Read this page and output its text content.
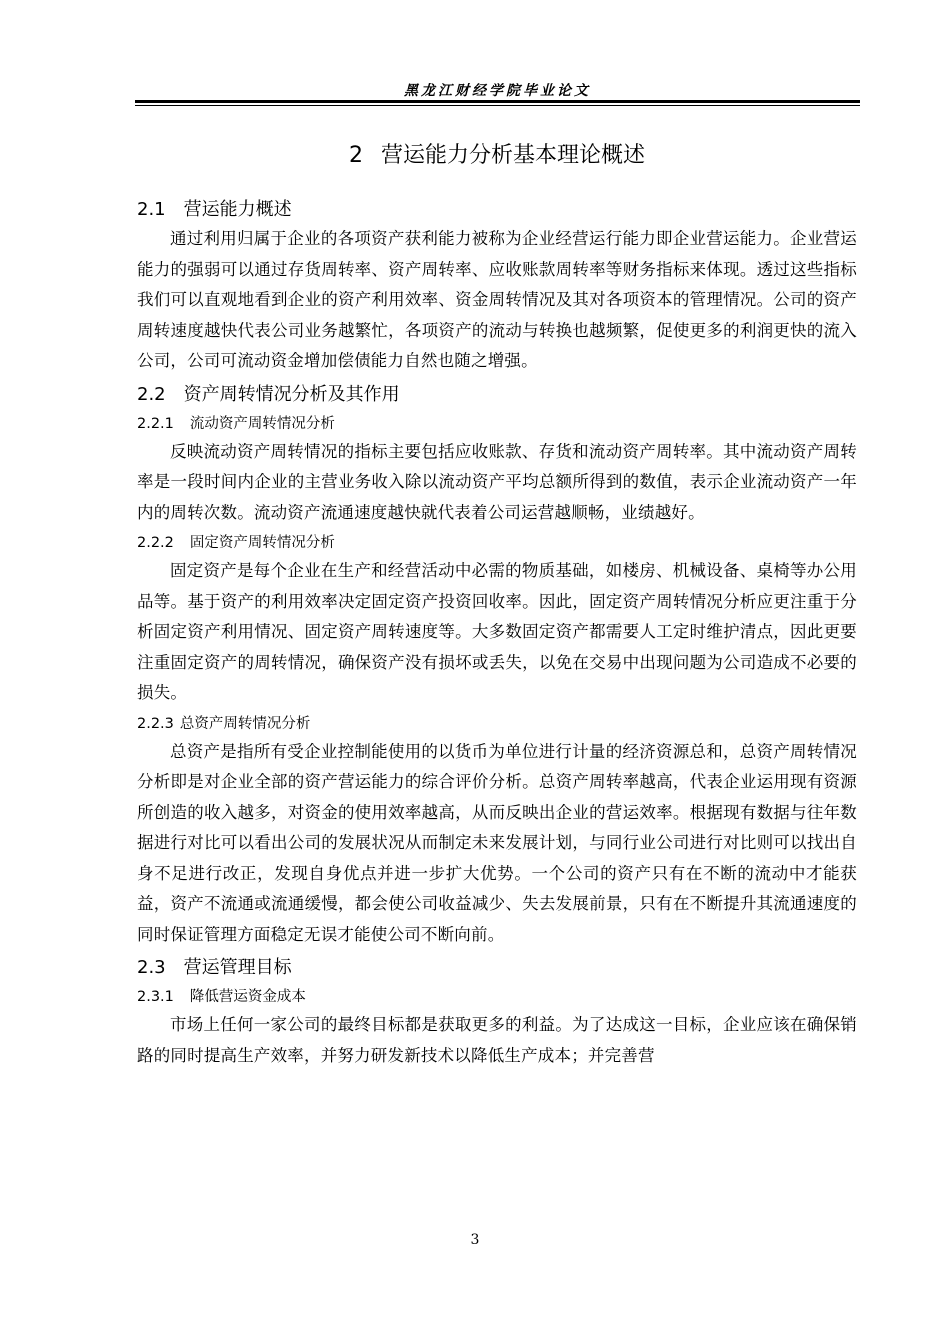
黑龙江财经学院毕业论文
2 营运能力分析基本理论概述
2.1 营运能力概述

通过利用归属于企业的各项资产获利能力被称为企业经营运行能力即企业营运能力。企业营运能力的强弱可以通过存货周转率、资产周转率、应收账款周转率等财务指标来体现。透过这些指标我们可以直观地看到企业的资产利用效率、资金周转情况及其对各项资本的管理情况。公司的资产周转速度越快代表公司业务越繁忙，各项资产的流动与转换也越频繁，促使更多的利润更快的流入公司，公司可流动资金增加偿债能力自然也随之增强。

2.2 资产周转情况分析及其作用
2.2.1 流动资产周转情况分析

反映流动资产周转情况的指标主要包括应收账款、存货和流动资产周转率。其中流动资产周转率是一段时间内企业的主营业务收入除以流动资产平均总额所得到的数值，表示企业流动资产一年内的周转次数。流动资产流通速度越快就代表着公司运营越顺畅，业绩越好。

2.2.2 固定资产周转情况分析

固定资产是每个企业在生产和经营活动中必需的物质基础，如楼房、机械设备、桌椅等办公用品等。基于资产的利用效率决定固定资产投资回收率。因此，固定资产周转情况分析应更注重于分析固定资产利用情况、固定资产周转速度等。大多数固定资产都需要人工定时维护清点，因此更要注重固定资产的周转情况，确保资产没有损坏或丢失，以免在交易中出现问题为公司造成不必要的损失。

2.2.3 总资产周转情况分析

总资产是指所有受企业控制能使用的以货币为单位进行计量的经济资源总和，总资产周转情况分析即是对企业全部的资产营运能力的综合评价分析。总资产周转率越高，代表企业运用现有资源所创造的收入越多，对资金的使用效率越高，从而反映出企业的营运效率。根据现有数据与往年数据进行对比可以看出公司的发展状况从而制定未来发展计划，与同行业公司进行对比则可以找出自身不足进行改正，发现自身优点并进一步扩大优势。一个公司的资产只有在不断的流动中才能获益，资产不流通或流通缓慢，都会使公司收益减少、失去发展前景，只有在不断提升其流通速度的同时保证管理方面稳定无误才能使公司不断向前。

2.3 营运管理目标
2.3.1 降低营运资金成本

市场上任何一家公司的最终目标都是获取更多的利益。为了达成这一目标，企业应该在确保销路的同时提高生产效率，并努力研发新技术以降低生产成本；并完善营

3
